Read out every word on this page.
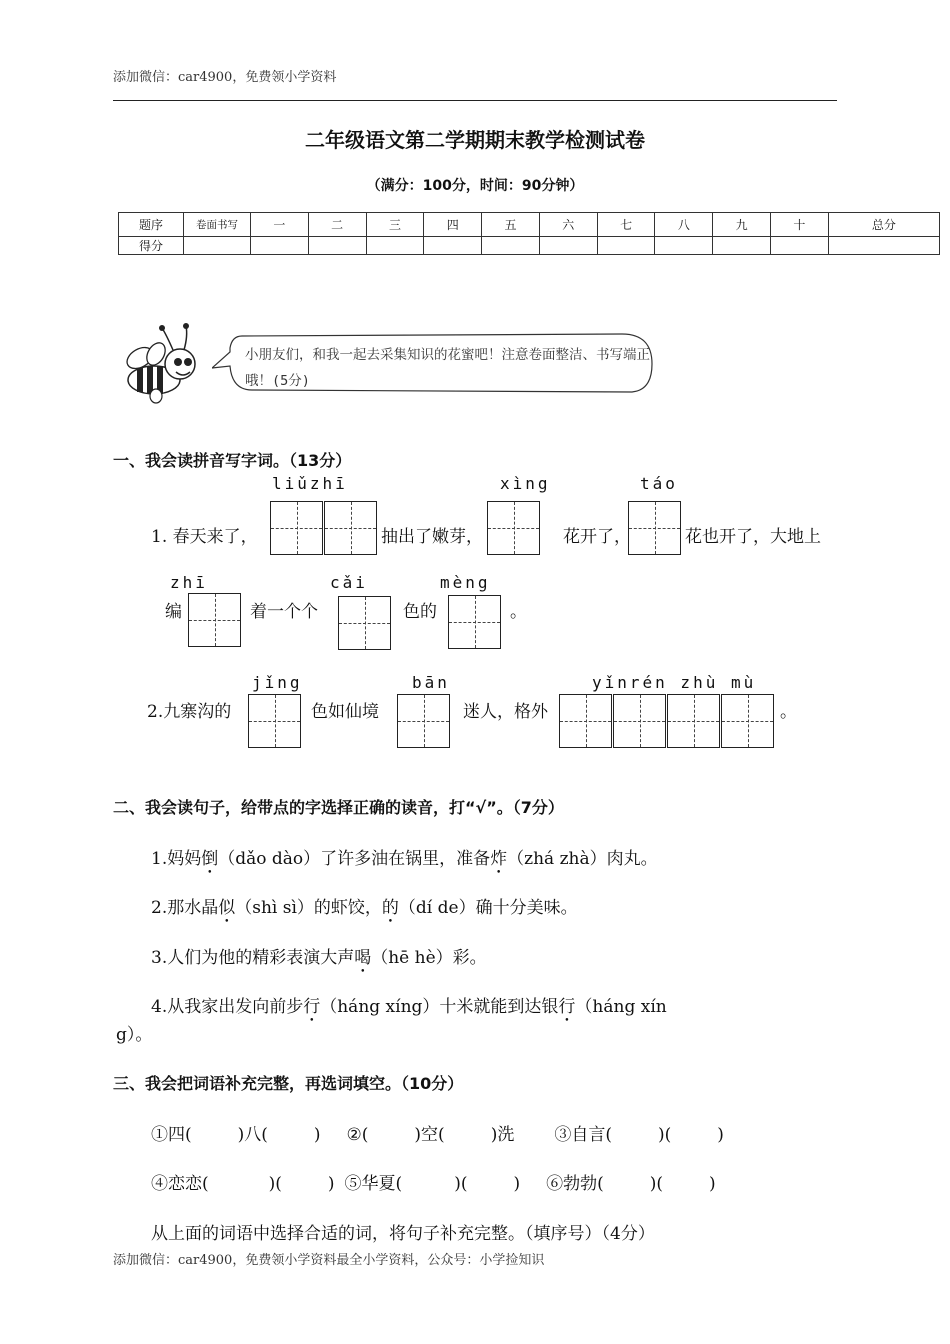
添加微信：car4900，免费领小学资料
二年级语文第二学期期末教学检测试卷
（满分：100分，时间：90分钟）
题序	卷面书写	一	二	三	四	五	六	七	八	九	十	总分
得分												
小朋友们，和我一起去采集知识的花蜜吧！注意卷面整洁、书写端正哦！(5分)
一、我会读拼音写字词。（13分）
liǔzhī	xìng	táo
1. 春天来了，	抽出了嫩芽，	花开了，	花也开了，大地上
zhī	cǎi	mèng
编	着一个个	色的	。
jǐng	bān	yǐnrén zhù mù
2.九寨沟的	色如仙境	迷人，格外	。
二、我会读句子，给带点的字选择正确的读音，打“√”。（7分）
1.妈妈倒（dǎo dào）了许多油在锅里，准备炸（zhá zhà）肉丸。
2.那水晶似（shì sì）的虾饺，的（dí de）确十分美味。
3.人们为他的精彩表演大声喝（hē hè）彩。
4.从我家出发向前步行（háng xíng）十米就能到达银行（háng xín
g）。
三、我会把词语补充完整，再选词填空。（10分）
①四(	)八(	) ②(	)空(	)洗 ③自言(	)(	)
④恋恋(	)(	) ⑤华夏(	)(	) ⑥勃勃(	)(	)
从上面的词语中选择合适的词，将句子补充完整。（填序号）（4分）
添加微信：car4900，免费领小学资料最全小学资料，公众号：小学捡知识
